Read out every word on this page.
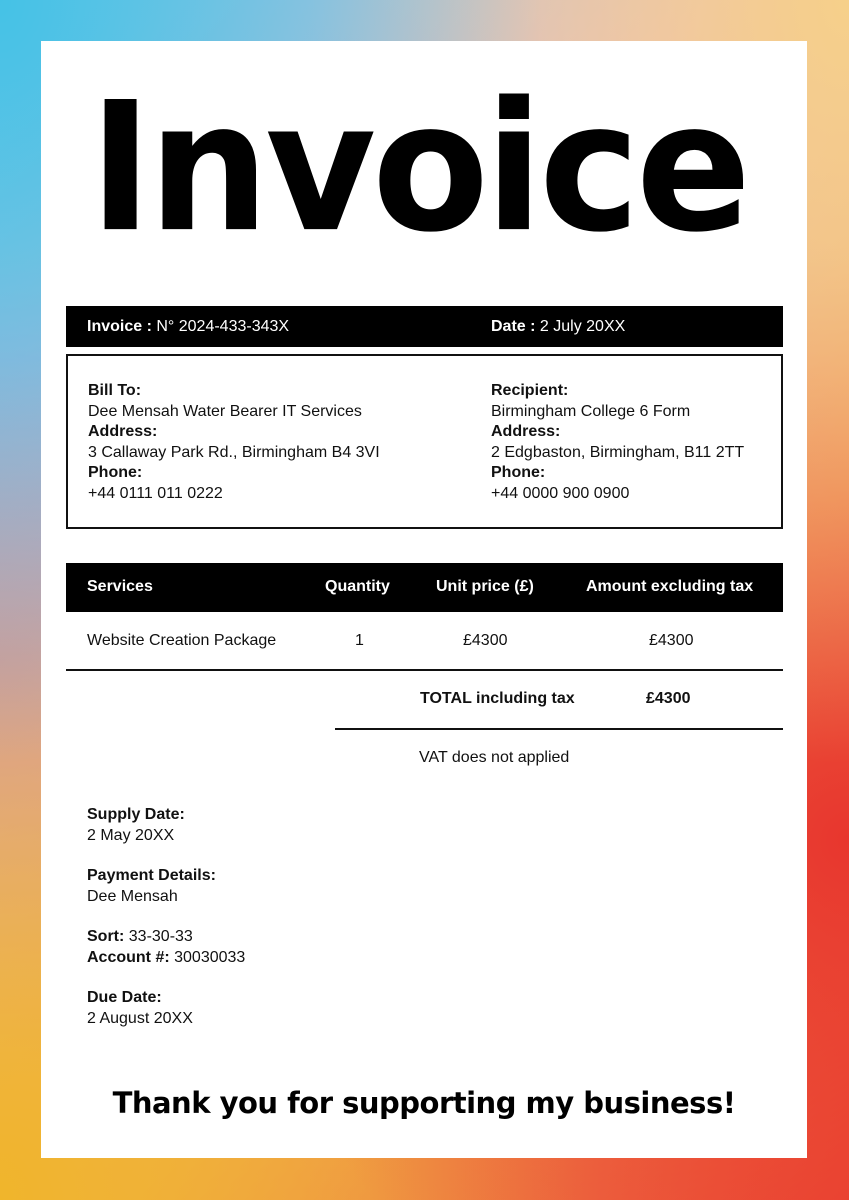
Invoice
Invoice : N° 2024-433-343X	Date : 2 July 20XX
Bill To:
Dee Mensah Water Bearer IT Services
Address:
3 Callaway Park Rd., Birmingham B4 3VI
Phone:
+44 0111 011 0222
Recipient:
Birmingham College 6 Form
Address:
2 Edgbaston, Birmingham, B11 2TT
Phone:
+44 0000 900 0900
Services	Quantity	Unit price (£)	Amount excluding tax
Website Creation Package	1	£4300	£4300
TOTAL including tax	£4300
VAT does not applied
Supply Date:
2 May 20XX
Payment Details:
Dee Mensah
Sort: 33-30-33
Account #: 30030033
Due Date:
2 August 20XX
Thank you for supporting my business!
